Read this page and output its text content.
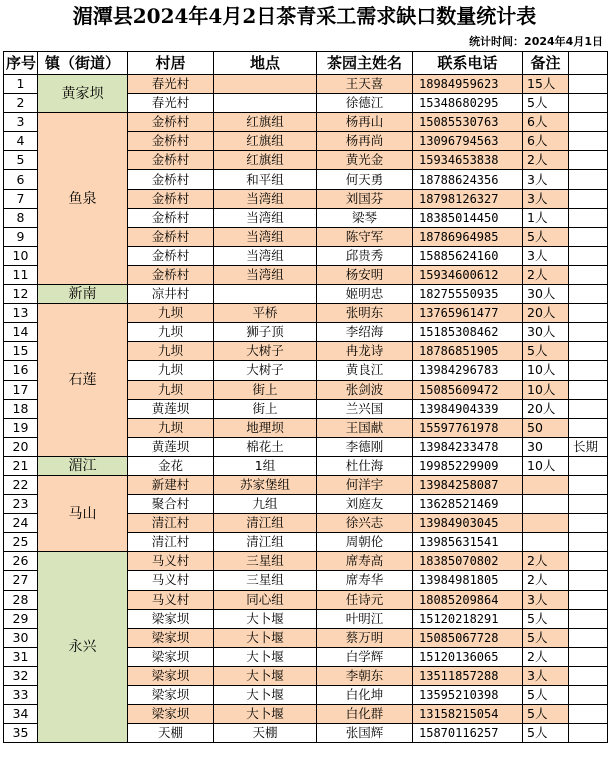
湄潭县2024年4月2日茶青采工需求缺口数量统计表
统计时间：2024年4月1日
序号	镇（街道）	村居	地点	茶园主姓名	联系电话	备注	
1	黄家坝	春光村		王天喜	18984959623	15人	
2		春光村		徐德江	15348680295	5人	
3	鱼泉	金桥村	红旗组	杨再山	15085530763	6人	
4		金桥村	红旗组	杨再尚	13096794563	6人	
5		金桥村	红旗组	黄光金	15934653838	2人	
6		金桥村	和平组	何天勇	18788624356	3人	
7		金桥村	当湾组	刘国芬	18798126327	3人	
8		金桥村	当湾组	梁琴	18385014450	1人	
9		金桥村	当湾组	陈守军	18786964985	5人	
10		金桥村	当湾组	邱贵秀	15885624160	3人	
11		金桥村	当湾组	杨安明	15934600612	2人	
12	新南	凉井村		姬明忠	18275550935	30人	
13	石莲	九坝	平桥	张明东	13765961477	20人	
14		九坝	狮子顶	李绍海	15185308462	30人	
15		九坝	大树子	冉龙诗	18786851905	5人	
16		九坝	大树子	黄良江	13984296783	10人	
17		九坝	街上	张剑波	15085609472	10人	
18		黄莲坝	街上	兰兴国	13984904339	20人	
19		九坝	地理坝	王国献	15597761978	50	
20		黄莲坝	棉花土	李德刚	13984233478	30	长期
21	湄江	金花	1组	杜仕海	19985229909	10人	
22	马山	新建村	苏家堡组	何洋宇	13984258087		
23		聚合村	九组	刘庭友	13628521469		
24		清江村	清江组	徐兴志	13984903045		
25		清江村	清江组	周朝伦	13985631541		
26	永兴	马义村	三星组	席寿高	18385070802	2人	
27		马义村	三星组	席寿华	13984981805	2人	
28		马义村	同心组	任诗元	18085209864	3人	
29		梁家坝	大卜堰	叶明江	15120218291	5人	
30		梁家坝	大卜堰	蔡万明	15085067728	5人	
31		梁家坝	大卜堰	白学辉	15120136065	2人	
32		梁家坝	大卜堰	李朝东	13511857288	3人	
33		梁家坝	大卜堰	白化坤	13595210398	5人	
34		梁家坝	大卜堰	白化群	13158215054	5人	
35		天棚	天棚	张国辉	15870116257	5人	
